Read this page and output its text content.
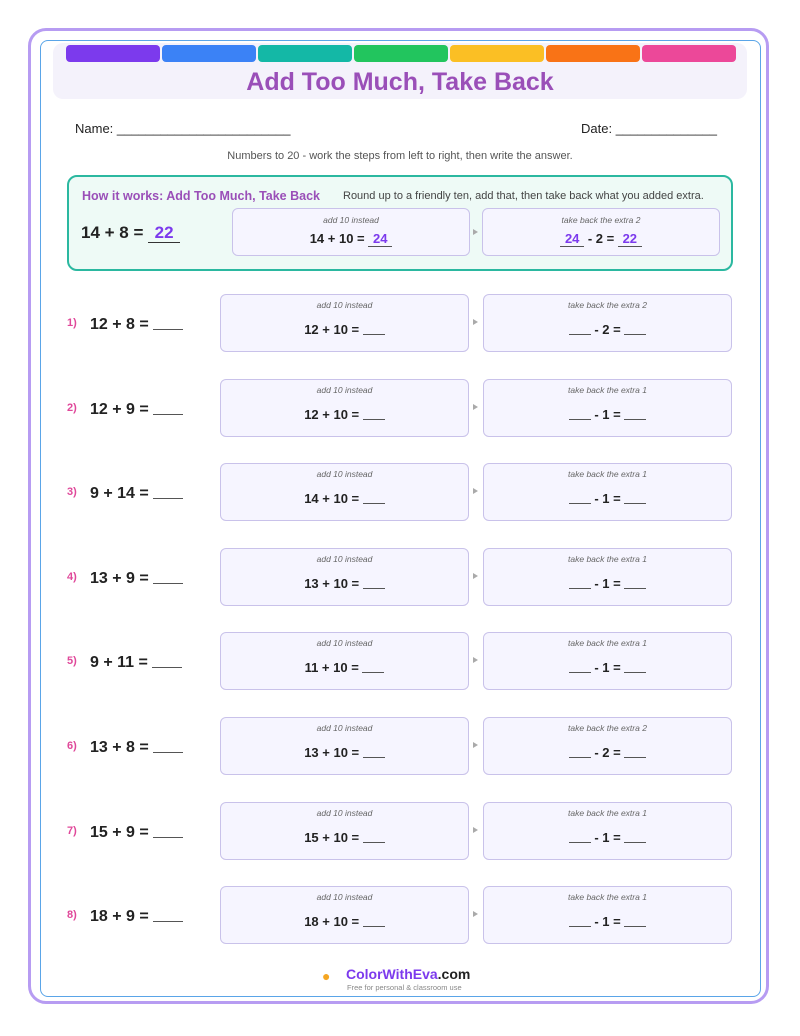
Add Too Much, Take Back
Name: ________________________	Date: ______________
Numbers to 20 - work the steps from left to right, then write the answer.
How it works: Add Too Much, Take Back Round up to a friendly ten, add that, then take back what you added extra.
14 + 8 = 22
add 10 instead
14 + 10 = 24
take back the extra 2
24 - 2 = 22
1) 12 + 8 =
add 10 instead
12 + 10 =
take back the extra 2
- 2 =
2) 12 + 9 =
add 10 instead
12 + 10 =
take back the extra 1
- 1 =
3) 9 + 14 =
add 10 instead
14 + 10 =
take back the extra 1
- 1 =
4) 13 + 9 =
add 10 instead
13 + 10 =
take back the extra 1
- 1 =
5) 9 + 11 =
add 10 instead
11 + 10 =
take back the extra 1
- 1 =
6) 13 + 8 =
add 10 instead
13 + 10 =
take back the extra 2
- 2 =
7) 15 + 9 =
add 10 instead
15 + 10 =
take back the extra 1
- 1 =
8) 18 + 9 =
add 10 instead
18 + 10 =
take back the extra 1
- 1 =
● ColorWithEva.com
Free for personal & classroom use
